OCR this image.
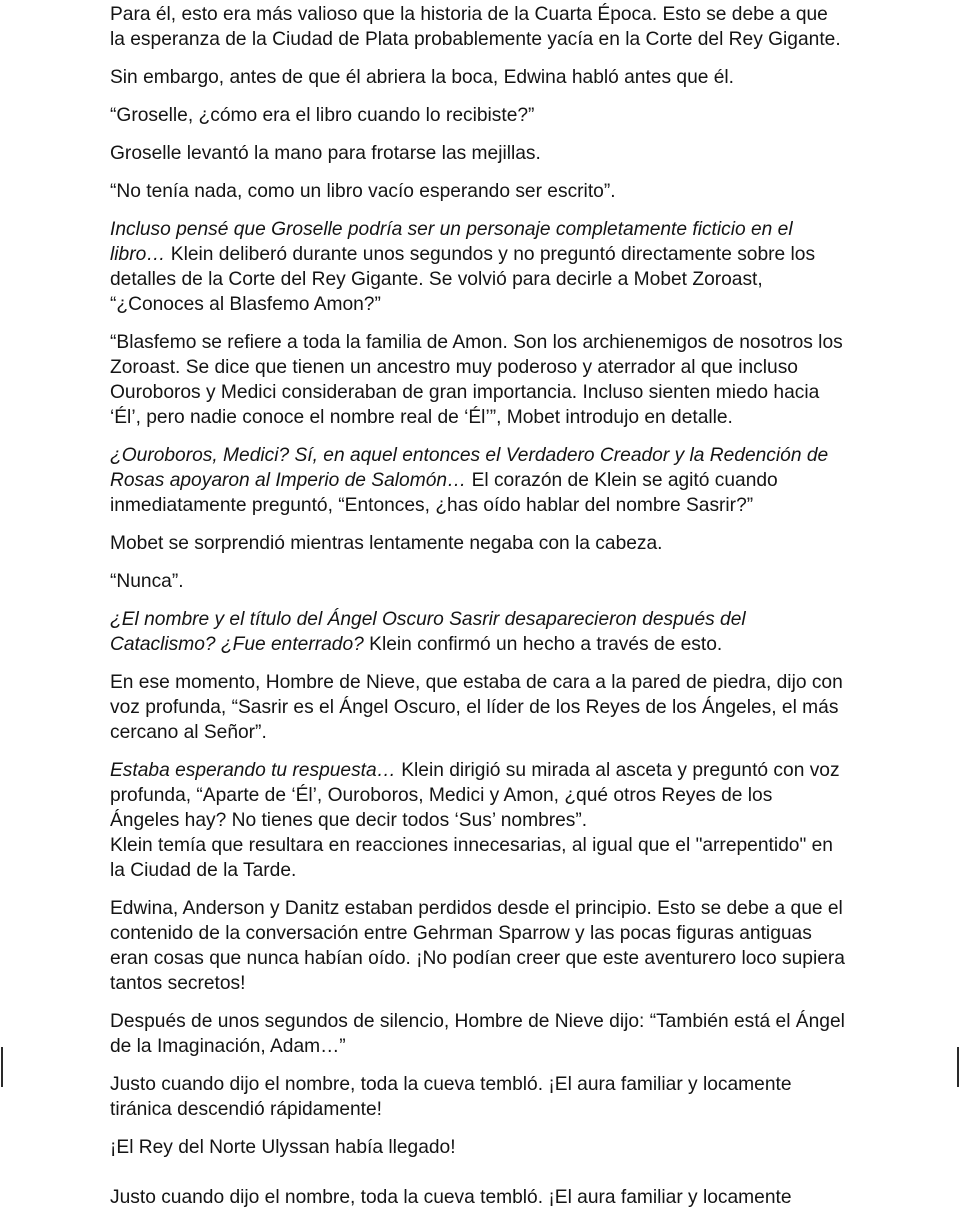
Para él, esto era más valioso que la historia de la Cuarta Época. Esto se debe a que la esperanza de la Ciudad de Plata probablemente yacía en la Corte del Rey Gigante.

Sin embargo, antes de que él abriera la boca, Edwina habló antes que él.

“Groselle, ¿cómo era el libro cuando lo recibiste?”

Groselle levantó la mano para frotarse las mejillas.

“No tenía nada, como un libro vacío esperando ser escrito”.

Incluso pensé que Groselle podría ser un personaje completamente ficticio en el libro… Klein deliberó durante unos segundos y no preguntó directamente sobre los detalles de la Corte del Rey Gigante. Se volvió para decirle a Mobet Zoroast, “¿Conoces al Blasfemo Amon?”

“Blasfemo se refiere a toda la familia de Amon. Son los archienemigos de nosotros los Zoroast. Se dice que tienen un ancestro muy poderoso y aterrador al que incluso Ouroboros y Medici consideraban de gran importancia. Incluso sienten miedo hacia ‘Él’, pero nadie conoce el nombre real de ‘Él’”, Mobet introdujo en detalle.

¿Ouroboros, Medici? Sí, en aquel entonces el Verdadero Creador y la Redención de Rosas apoyaron al Imperio de Salomón… El corazón de Klein se agitó cuando inmediatamente preguntó, “Entonces, ¿has oído hablar del nombre Sasrir?”

Mobet se sorprendió mientras lentamente negaba con la cabeza.

“Nunca”.

¿El nombre y el título del Ángel Oscuro Sasrir desaparecieron después del Cataclismo? ¿Fue enterrado? Klein confirmó un hecho a través de esto.

En ese momento, Hombre de Nieve, que estaba de cara a la pared de piedra, dijo con voz profunda, “Sasrir es el Ángel Oscuro, el líder de los Reyes de los Ángeles, el más cercano al Señor”.

Estaba esperando tu respuesta… Klein dirigió su mirada al asceta y preguntó con voz profunda, “Aparte de ‘Él’, Ouroboros, Medici y Amon, ¿qué otros Reyes de los Ángeles hay? No tienes que decir todos ‘Sus’ nombres”.

Klein temía que resultara en reacciones innecesarias, al igual que el "arrepentido" en la Ciudad de la Tarde.

Edwina, Anderson y Danitz estaban perdidos desde el principio. Esto se debe a que el contenido de la conversación entre Gehrman Sparrow y las pocas figuras antiguas eran cosas que nunca habían oído. ¡No podían creer que este aventurero loco supiera tantos secretos!

Después de unos segundos de silencio, Hombre de Nieve dijo: “También está el Ángel de la Imaginación, Adam…”

Justo cuando dijo el nombre, toda la cueva tembló. ¡El aura familiar y locamente tiránica descendió rápidamente!

¡El Rey del Norte Ulyssan había llegado!

Justo cuando dijo el nombre, toda la cueva tembló. ¡El aura familiar y locamente
